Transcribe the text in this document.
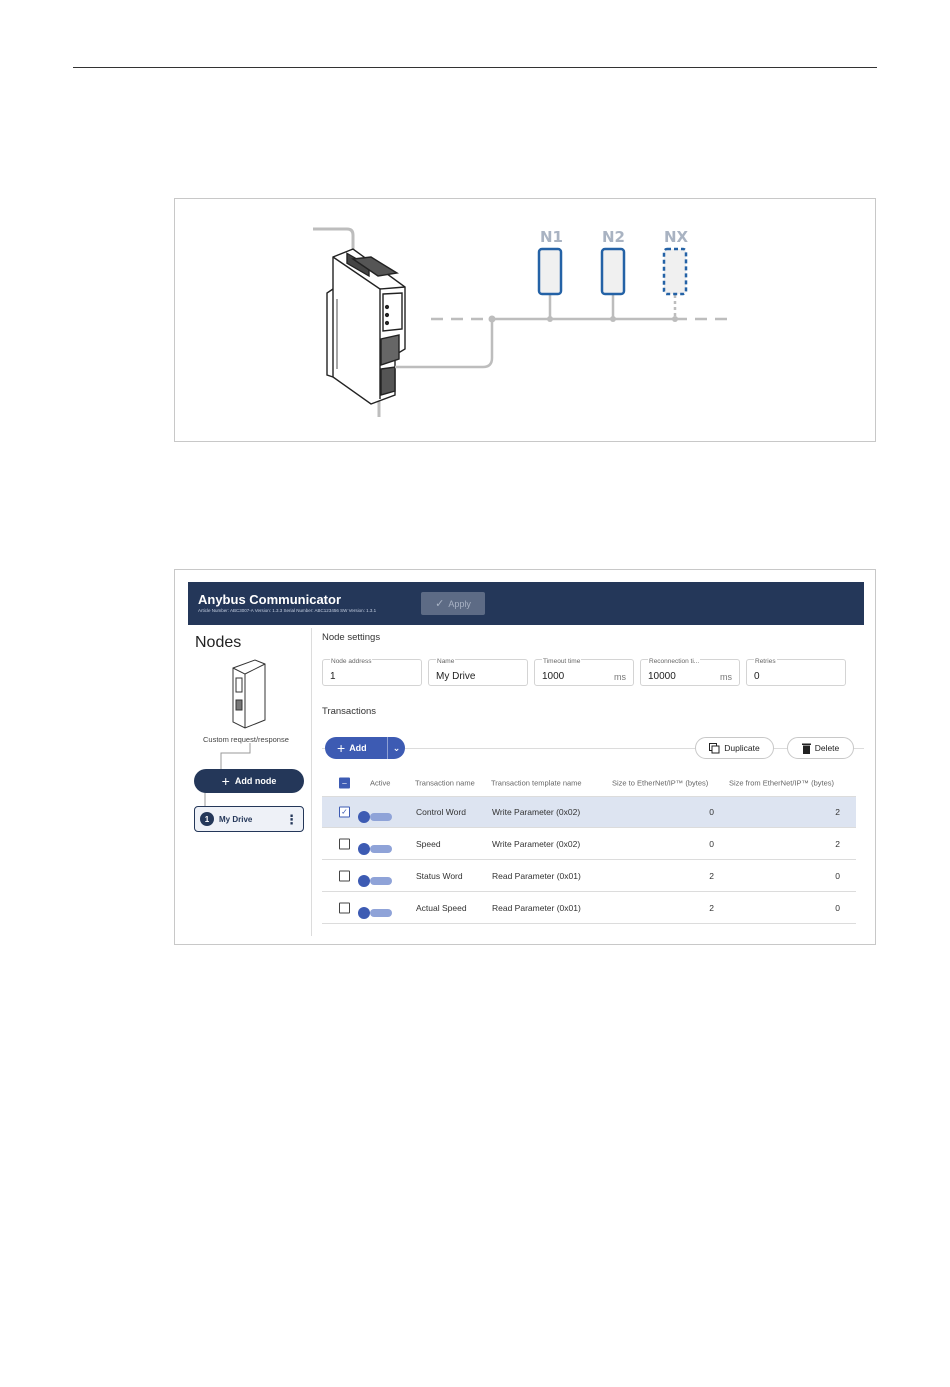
N1	N2	NX
Anybus Communicator
Article Number: ABC3007-A Version: 1.3.3 Serial Number: ABC123456 SW Version: 1.3.1
✓ Apply
Nodes
Custom request/response
+ Add node
1	My Drive	⋮
Node settings
Node address
1
Name
My Drive
Timeout time
1000	ms
Reconnection ti...
10000	ms
Retries
0
Transactions
+ Add	⌄	Duplicate	Delete
–	Active	Transaction name Transaction template name	Size to EtherNet/IP™ (bytes)	Size from EtherNet/IP™ (bytes)
✓	Control Word	Write Parameter (0x02)	0	2
Speed	Write Parameter (0x02)	0	2
Status Word	Read Parameter (0x01)	2	0
Actual Speed	Read Parameter (0x01)	2	0
